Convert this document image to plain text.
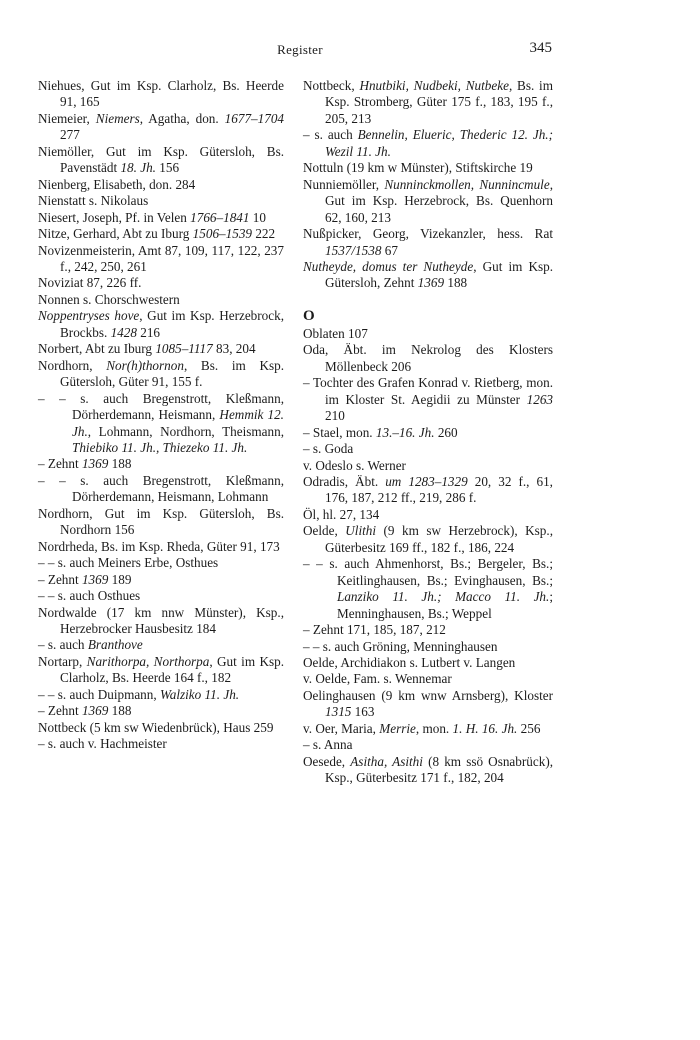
Register	345
Niehues, Gut im Ksp. Clarholz, Bs. Heerde 91, 165
Niemeier, Niemers, Agatha, don. 1677–1704 277
Niemöller, Gut im Ksp. Gütersloh, Bs. Pavenstädt 18. Jh. 156
Nienberg, Elisabeth, don. 284
Nienstatt s. Nikolaus
Niesert, Joseph, Pf. in Velen 1766–1841 10
Nitze, Gerhard, Abt zu Iburg 1506–1539 222
Novizenmeisterin, Amt 87, 109, 117, 122, 237 f., 242, 250, 261
Noviziat 87, 226 ff.
Nonnen s. Chorschwestern
Noppentryses hove, Gut im Ksp. Herzebrock, Brockbs. 1428 216
Norbert, Abt zu Iburg 1085–1117 83, 204
Nordhorn, Nor(h)thornon, Bs. im Ksp. Gütersloh, Güter 91, 155 f.
– – s. auch Bregenstrott, Kleßmann, Dörherdemann, Heismann, Hemmik 12. Jh., Lohmann, Nordhorn, Theismann, Thiebiko 11. Jh., Thiezeko 11. Jh.
– Zehnt 1369 188
– – s. auch Bregenstrott, Kleßmann, Dörherdemann, Heismann, Lohmann
Nordhorn, Gut im Ksp. Gütersloh, Bs. Nordhorn 156
Nordrheda, Bs. im Ksp. Rheda, Güter 91, 173
– – s. auch Meiners Erbe, Osthues
– Zehnt 1369 189
– – s. auch Osthues
Nordwalde (17 km nnw Münster), Ksp., Herzebrocker Hausbesitz 184
– s. auch Branthove
Nortarp, Narithorpa, Northorpa, Gut im Ksp. Clarholz, Bs. Heerde 164 f., 182
– – s. auch Duipmann, Walziko 11. Jh.
– Zehnt 1369 188
Nottbeck (5 km sw Wiedenbrück), Haus 259
– s. auch v. Hachmeister
Nottbeck, Hnutbiki, Nudbeki, Nutbeke, Bs. im Ksp. Stromberg, Güter 175 f., 183, 195 f., 205, 213
– s. auch Bennelin, Elueric, Thederic 12. Jh.; Wezil 11. Jh.
Nottuln (19 km w Münster), Stiftskirche 19
Nunniemöller, Nunninckmollen, Nunnincmule, Gut im Ksp. Herzebrock, Bs. Quenhorn 62, 160, 213
Nußpicker, Georg, Vizekanzler, hess. Rat 1537/1538 67
Nutheyde, domus ter Nutheyde, Gut im Ksp. Gütersloh, Zehnt 1369 188
O
Oblaten 107
Oda, Äbt. im Nekrolog des Klosters Möllenbeck 206
– Tochter des Grafen Konrad v. Rietberg, mon. im Kloster St. Aegidii zu Münster 1263 210
– Stael, mon. 13.–16. Jh. 260
– s. Goda
v. Odeslo s. Werner
Odradis, Äbt. um 1283–1329 20, 32 f., 61, 176, 187, 212 ff., 219, 286 f.
Öl, hl. 27, 134
Oelde, Ulithi (9 km sw Herzebrock), Ksp., Güterbesitz 169 ff., 182 f., 186, 224
– – s. auch Ahmenhorst, Bs.; Bergeler, Bs.; Keitlinghausen, Bs.; Evinghausen, Bs.; Lanziko 11. Jh.; Macco 11. Jh.; Menninghausen, Bs.; Weppel
– Zehnt 171, 185, 187, 212
– – s. auch Gröning, Menninghausen
Oelde, Archidiakon s. Lutbert v. Langen
v. Oelde, Fam. s. Wennemar
Oelinghausen (9 km wnw Arnsberg), Kloster 1315 163
v. Oer, Maria, Merrie, mon. 1. H. 16. Jh. 256
– s. Anna
Oesede, Asitha, Asithi (8 km ssö Osnabrück), Ksp., Güterbesitz 171 f., 182, 204
